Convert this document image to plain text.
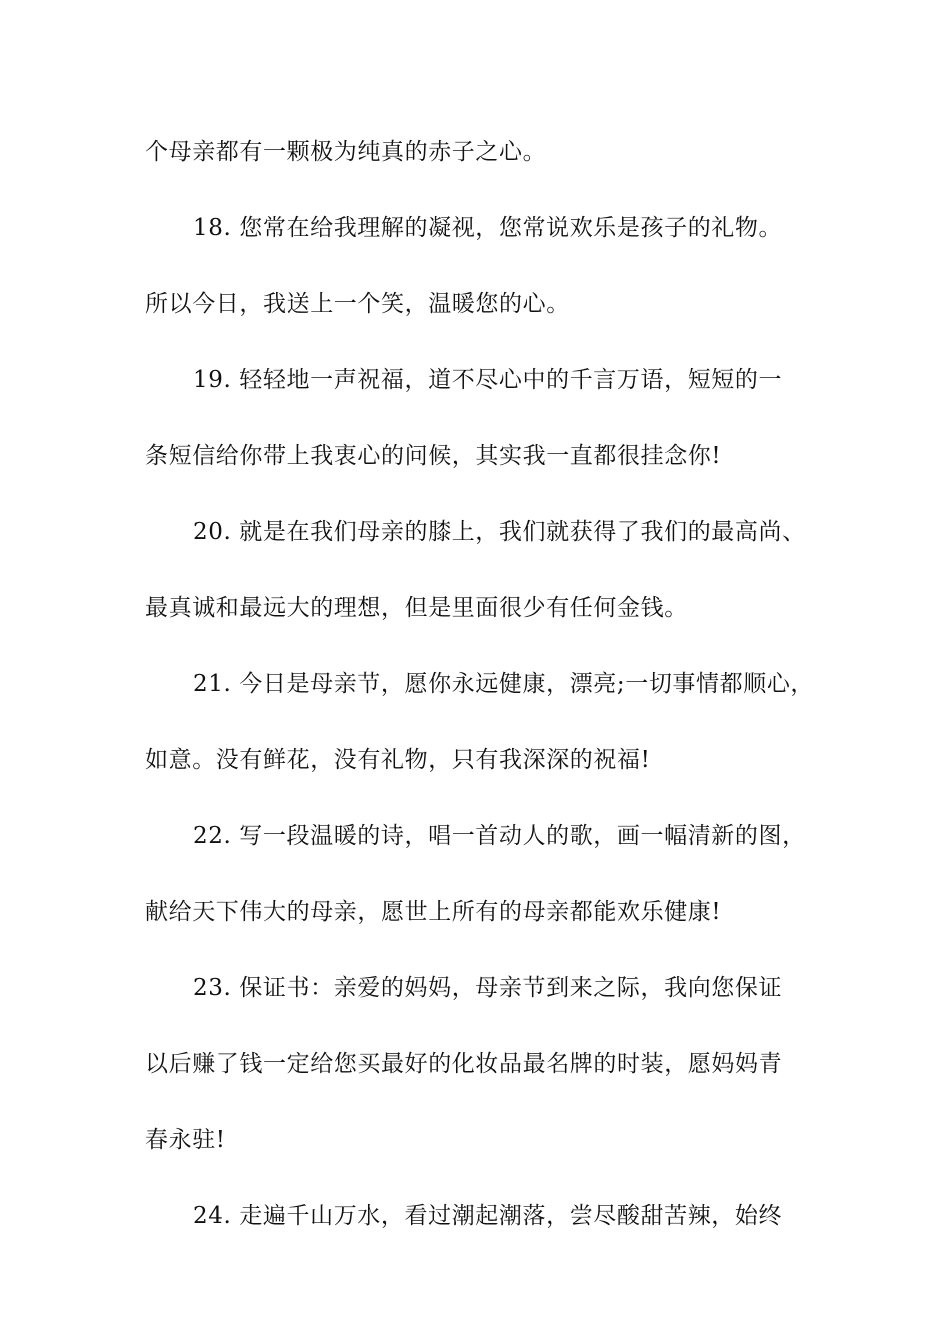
个母亲都有一颗极为纯真的赤子之心。
18. 您常在给我理解的凝视，您常说欢乐是孩子的礼物。
所以今日，我送上一个笑，温暖您的心。
19. 轻轻地一声祝福，道不尽心中的千言万语，短短的一
条短信给你带上我衷心的问候，其实我一直都很挂念你!
20. 就是在我们母亲的膝上，我们就获得了我们的最高尚、
最真诚和最远大的理想，但是里面很少有任何金钱。
21. 今日是母亲节，愿你永远健康，漂亮;一切事情都顺心，
如意。没有鲜花，没有礼物，只有我深深的祝福!
22. 写一段温暖的诗，唱一首动人的歌，画一幅清新的图，
献给天下伟大的母亲，愿世上所有的母亲都能欢乐健康!
23. 保证书：亲爱的妈妈，母亲节到来之际，我向您保证
以后赚了钱一定给您买最好的化妆品最名牌的时装，愿妈妈青
春永驻!
24. 走遍千山万水，看过潮起潮落，尝尽酸甜苦辣，始终
